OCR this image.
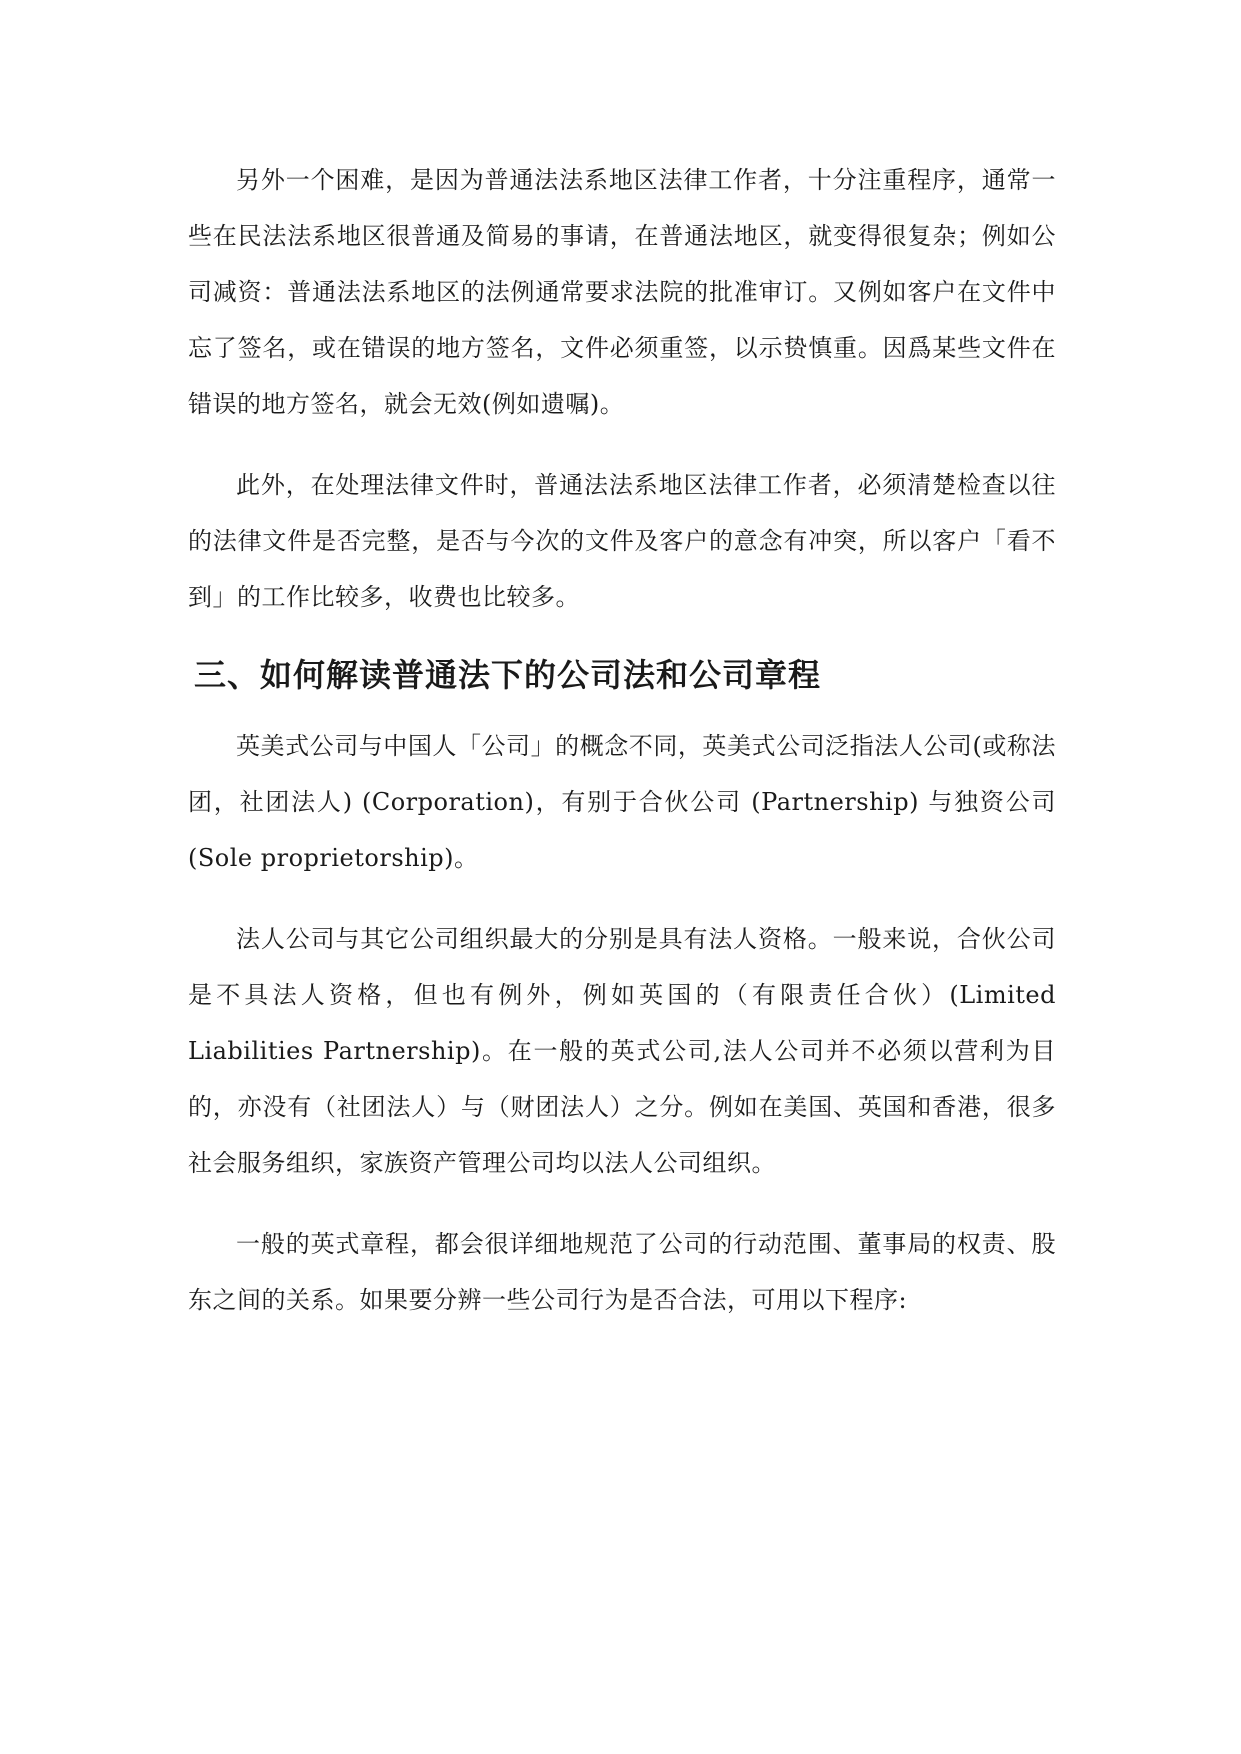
另外一个困难，是因为普通法法系地区法律工作者，十分注重程序，通常一些在民法法系地区很普通及简易的事请，在普通法地区，就变得很复杂；例如公司减资：普通法法系地区的法例通常要求法院的批准审订。又例如客户在文件中忘了签名，或在错误的地方签名，文件必须重签，以示贽慎重。因爲某些文件在错误的地方签名，就会无效(例如遗嘱)。

此外，在处理法律文件时，普通法法系地区法律工作者，必须清楚检查以往的法律文件是否完整，是否与今次的文件及客户的意念有冲突，所以客户「看不到」的工作比较多，收费也比较多。

三、如何解读普通法下的公司法和公司章程

英美式公司与中国人「公司」的概念不同，英美式公司泛指法人公司(或称法团，社团法人) (Corporation)，有别于合伙公司 (Partnership) 与独资公司 (Sole proprietorship)。

法人公司与其它公司组织最大的分别是具有法人资格。一般来说，合伙公司是不具法人资格，但也有例外，例如英国的（有限责任合伙）(Limited Liabilities Partnership)。在一般的英式公司,法人公司并不必须以营利为目的，亦没有（社团法人）与（财团法人）之分。例如在美国、英国和香港，很多社会服务组织，家族资产管理公司均以法人公司组织。

一般的英式章程，都会很详细地规范了公司的行动范围、董事局的权责、股东之间的关系。如果要分辨一些公司行为是否合法，可用以下程序:
